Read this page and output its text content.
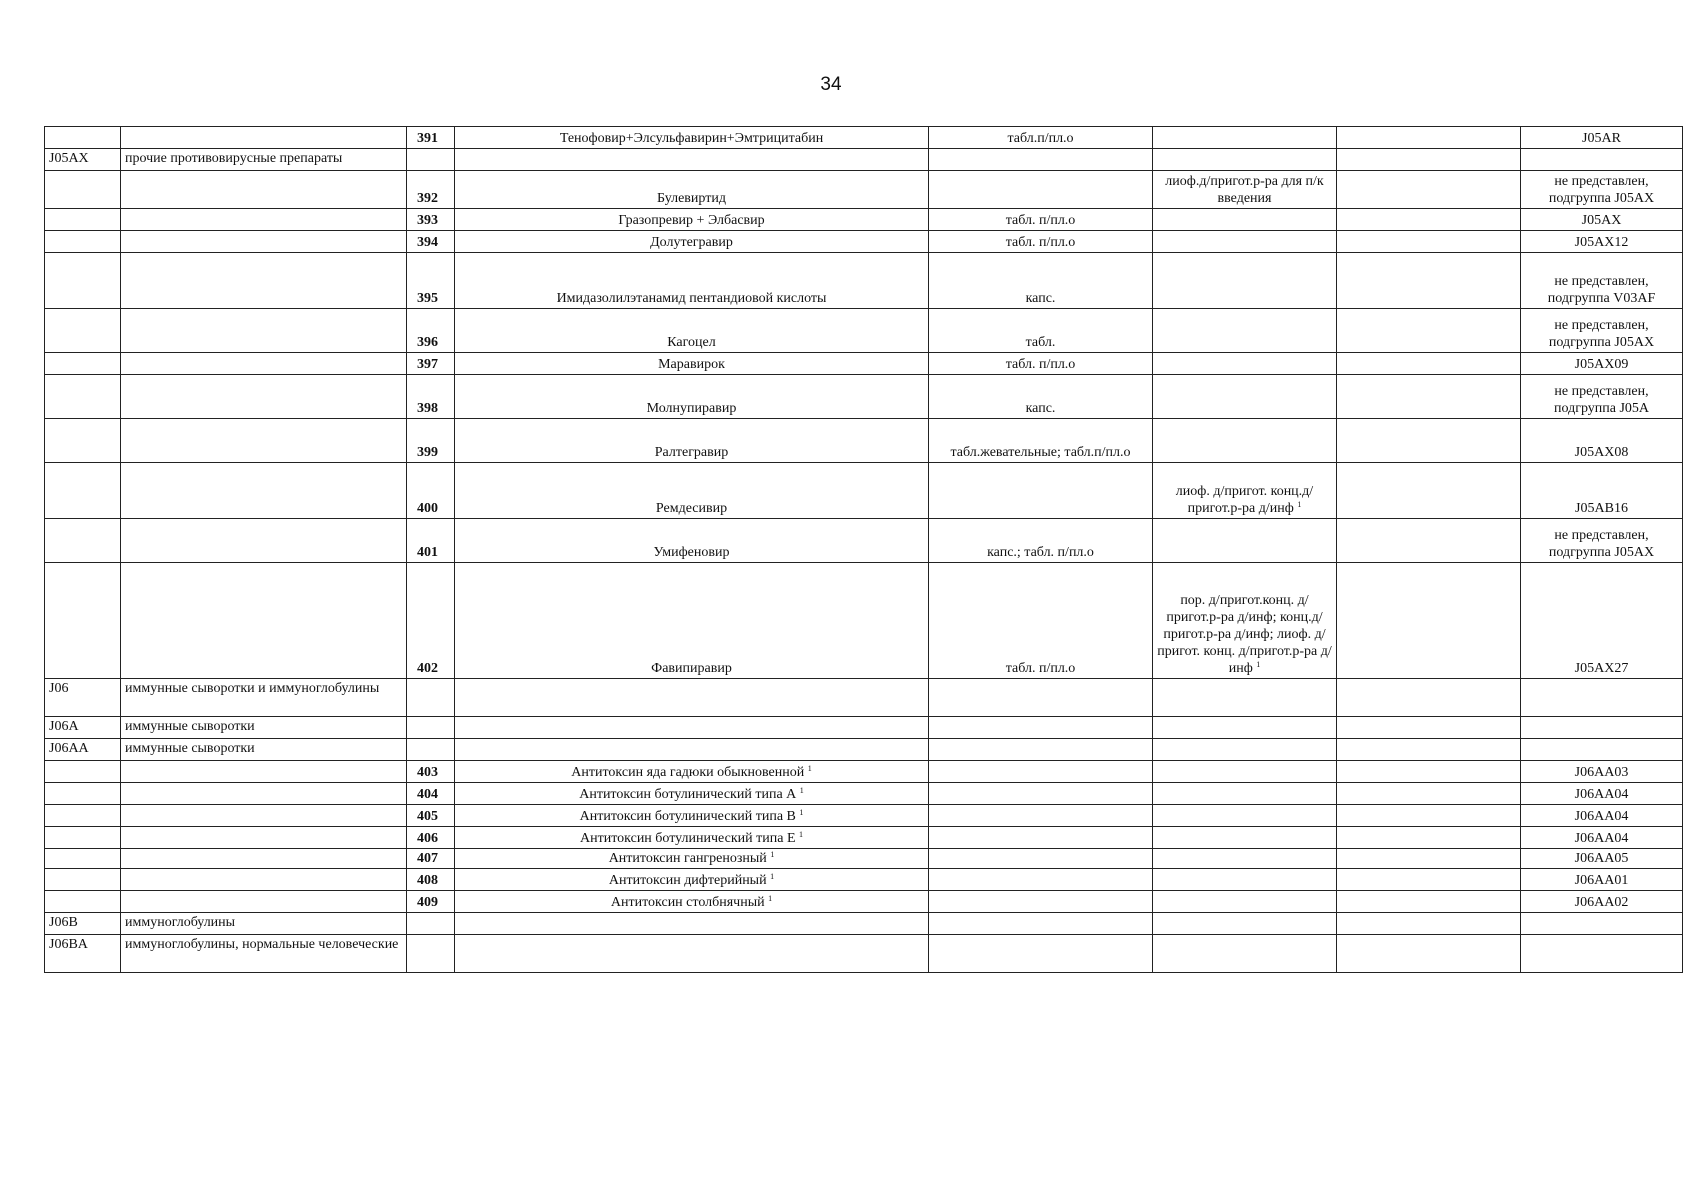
34
		391	Тенофовир+Элсульфавирин+Эмтрицитабин	табл.п/пл.о			J05AR
J05AX	прочие противовирусные препараты						
		392	Булевиртид		лиоф.д/пригот.р-ра для п/к введения		не представлен, подгруппа J05AX
		393	Гразопревир + Элбасвир	табл. п/пл.о			J05AX
		394	Долутегравир	табл. п/пл.о			J05AX12
		395	Имидазолилэтанамид пентандиовой кислоты	капс.			не представлен, подгруппа V03AF
		396	Кагоцел	табл.			не представлен, подгруппа J05AX
		397	Маравирок	табл. п/пл.о			J05AX09
		398	Молнупиравир	капс.			не представлен, подгруппа J05A
		399	Ралтегравир	табл.жевательные; табл.п/пл.о			J05AX08
		400	Ремдесивир		лиоф. д/пригот. конц.д/пригот.р-ра д/инф $^1$		J05AB16
		401	Умифеновир	капс.; табл. п/пл.о			не представлен, подгруппа J05AX
		402	Фавипиравир	табл. п/пл.о	пор. д/пригот.конц. д/пригот.р-ра д/инф; конц.д/пригот.р-ра д/инф; лиоф. д/пригот. конц. д/пригот.р-ра д/инф $^1$		J05AX27
J06	иммунные сыворотки и иммуноглобулины						
J06A	иммунные сыворотки						
J06AA	иммунные сыворотки						
		403	Антитоксин яда гадюки обыкновенной $^1$				J06AA03
		404	Антитоксин ботулинический типа А $^1$				J06AA04
		405	Антитоксин ботулинический типа В $^1$				J06AA04
		406	Антитоксин ботулинический типа Е $^1$				J06AA04
		407	Антитоксин гангренозный $^1$				J06AA05
		408	Антитоксин дифтерийный $^1$				J06AA01
		409	Антитоксин столбнячный $^1$				J06AA02
J06B	иммуноглобулины						
J06BA	иммуноглобулины, нормальные человеческие						
